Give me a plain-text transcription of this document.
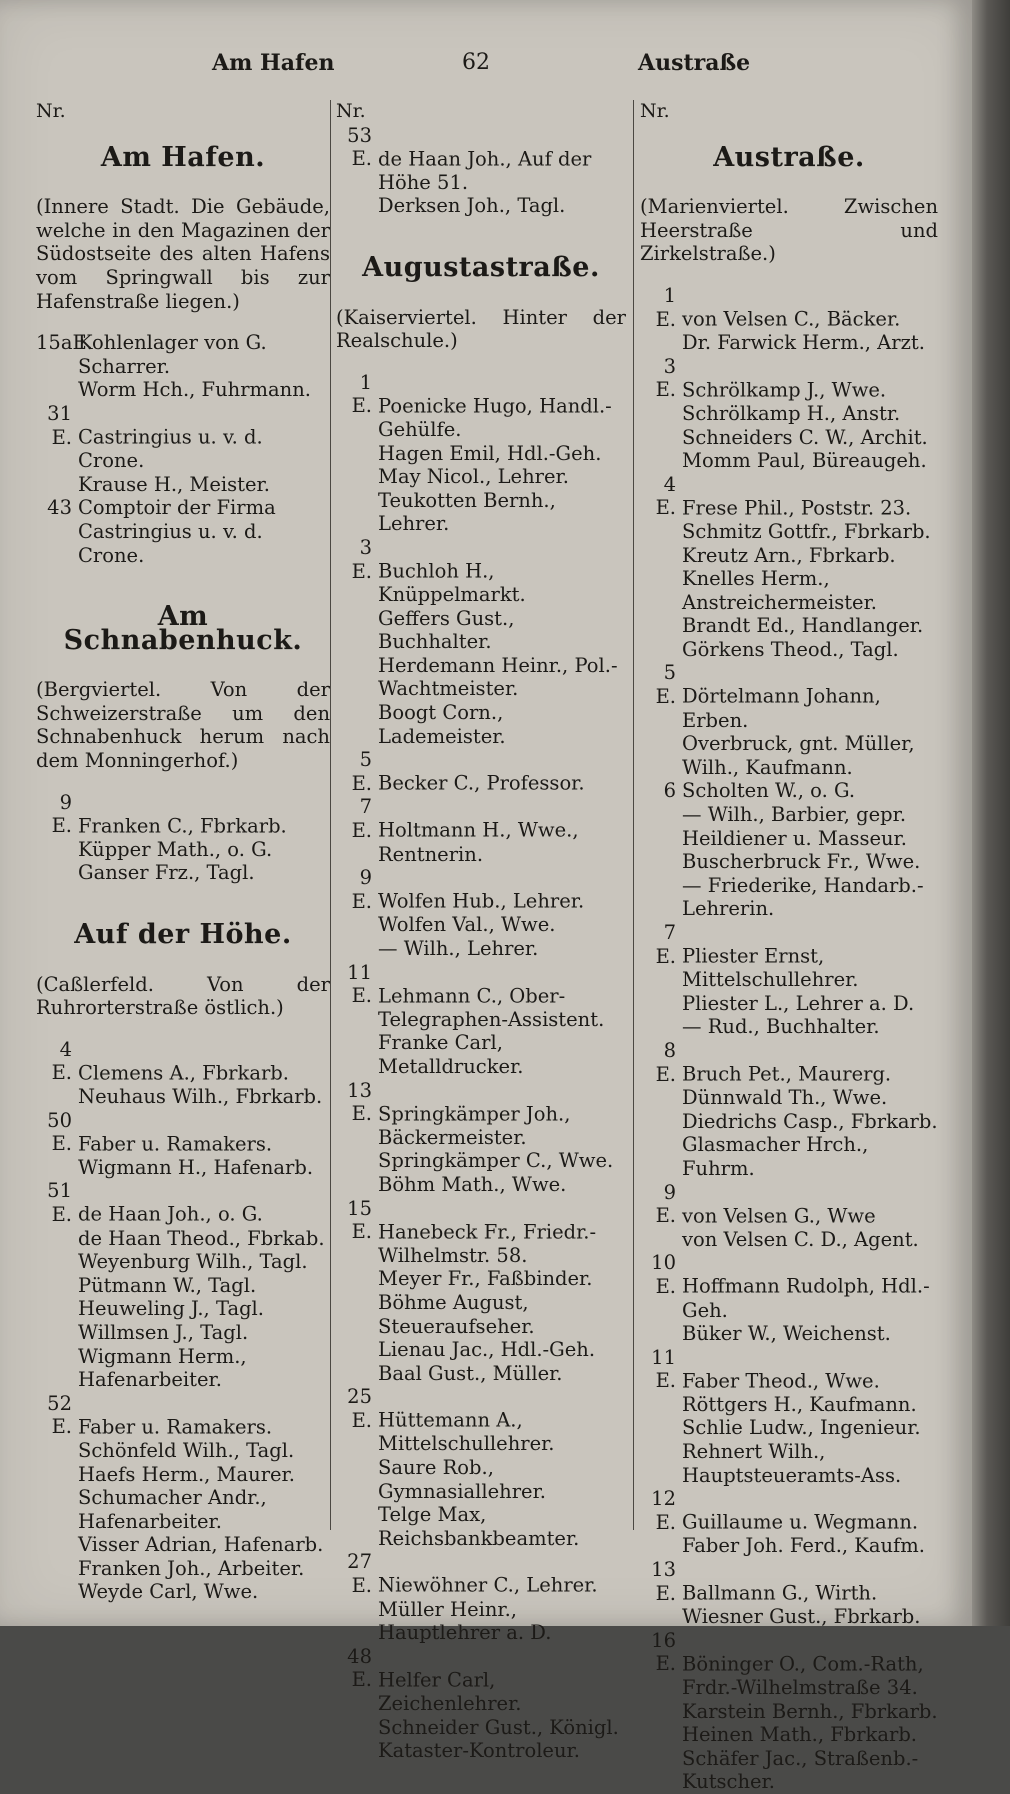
Am Hafen	62	Austraße
Nr.
Am Hafen.
(Innere Stadt. Die Gebäude, welche in den Magazinen der Südostseite des alten Hafens vom Springwall bis zur Hafenstraße liegen.)
15aE.Kohlenlager von G. Scharrer.
Worm Hch., Fuhrmann.
31 E. Castringius u. v. d. Crone.
Krause H., Meister.
43 Comptoir der Firma Castringius u. v. d. Crone.
Am Schnabenhuck.
(Bergviertel. Von der Schweizerstraße um den Schnabenhuck herum nach dem Monningerhof.)
9 E. Franken C., Fbrkarb.
Küpper Math., o. G.
Ganser Frz., Tagl.
Auf der Höhe.
(Caßlerfeld. Von der Ruhrorterstraße östlich.)
4 E. Clemens A., Fbrkarb.
Neuhaus Wilh., Fbrkarb.
50 E. Faber u. Ramakers.
Wigmann H., Hafenarb.
51 E. de Haan Joh., o. G.
de Haan Theod., Fbrkab.
Weyenburg Wilh., Tagl.
Pütmann W., Tagl.
Heuweling J., Tagl.
Willmsen J., Tagl.
Wigmann Herm., Hafenarbeiter.
52 E. Faber u. Ramakers.
Schönfeld Wilh., Tagl.
Haefs Herm., Maurer.
Schumacher Andr., Hafenarbeiter.
Visser Adrian, Hafenarb.
Franken Joh., Arbeiter.
Weyde Carl, Wwe.
Nr.
53 E. de Haan Joh., Auf der Höhe 51.
Derksen Joh., Tagl.
Augustastraße.
(Kaiserviertel. Hinter der Realschule.)
1 E. Poenicke Hugo, Handl.-Gehülfe.
Hagen Emil, Hdl.-Geh.
May Nicol., Lehrer.
Teukotten Bernh., Lehrer.
3 E. Buchloh H., Knüppelmarkt.
Geffers Gust., Buchhalter.
Herdemann Heinr., Pol.-Wachtmeister.
Boogt Corn., Lademeister.
5 E. Becker C., Professor.
7 E. Holtmann H., Wwe., Rentnerin.
9 E. Wolfen Hub., Lehrer.
Wolfen Val., Wwe.
— Wilh., Lehrer.
11 E. Lehmann C., Ober-Telegraphen-Assistent.
Franke Carl, Metalldrucker.
13 E. Springkämper Joh., Bäckermeister.
Springkämper C., Wwe.
Böhm Math., Wwe.
15 E. Hanebeck Fr., Friedr.-Wilhelmstr. 58.
Meyer Fr., Faßbinder.
Böhme August, Steueraufseher.
Lienau Jac., Hdl.-Geh.
Baal Gust., Müller.
25 E. Hüttemann A., Mittelschullehrer.
Saure Rob., Gymnasiallehrer.
Telge Max, Reichsbankbeamter.
27 E. Niewöhner C., Lehrer.
Müller Heinr., Hauptlehrer a. D.
48 E. Helfer Carl, Zeichenlehrer.
Schneider Gust., Königl. Kataster-Kontroleur.
Nr.
Austraße.
(Marienviertel. Zwischen Heerstraße und Zirkelstraße.)
1 E. von Velsen C., Bäcker.
Dr. Farwick Herm., Arzt.
3 E. Schrölkamp J., Wwe.
Schrölkamp H., Anstr.
Schneiders C. W., Archit.
Momm Paul, Büreaugeh.
4 E. Frese Phil., Poststr. 23.
Schmitz Gottfr., Fbrkarb.
Kreutz Arn., Fbrkarb.
Knelles Herm., Anstreichermeister.
Brandt Ed., Handlanger.
Görkens Theod., Tagl.
5 E. Dörtelmann Johann, Erben.
Overbruck, gnt. Müller, Wilh., Kaufmann.
6 Scholten W., o. G.
— Wilh., Barbier, gepr. Heildiener u. Masseur.
Buscherbruck Fr., Wwe.
— Friederike, Handarb.-Lehrerin.
7 E. Pliester Ernst, Mittelschullehrer.
Pliester L., Lehrer a. D.
— Rud., Buchhalter.
8 E. Bruch Pet., Maurerg.
Dünnwald Th., Wwe.
Diedrichs Casp., Fbrkarb.
Glasmacher Hrch., Fuhrm.
9 E. von Velsen G., Wwe
von Velsen C. D., Agent.
10 E. Hoffmann Rudolph, Hdl.-Geh.
Büker W., Weichenst.
11 E. Faber Theod., Wwe.
Röttgers H., Kaufmann.
Schlie Ludw., Ingenieur.
Rehnert Wilh., Hauptsteueramts-Ass.
12 E. Guillaume u. Wegmann.
Faber Joh. Ferd., Kaufm.
13 E. Ballmann G., Wirth.
Wiesner Gust., Fbrkarb.
16 E. Böninger O., Com.-Rath, Frdr.-Wilhelmstraße 34.
Karstein Bernh., Fbrkarb.
Heinen Math., Fbrkarb.
Schäfer Jac., Straßenb.-Kutscher.
